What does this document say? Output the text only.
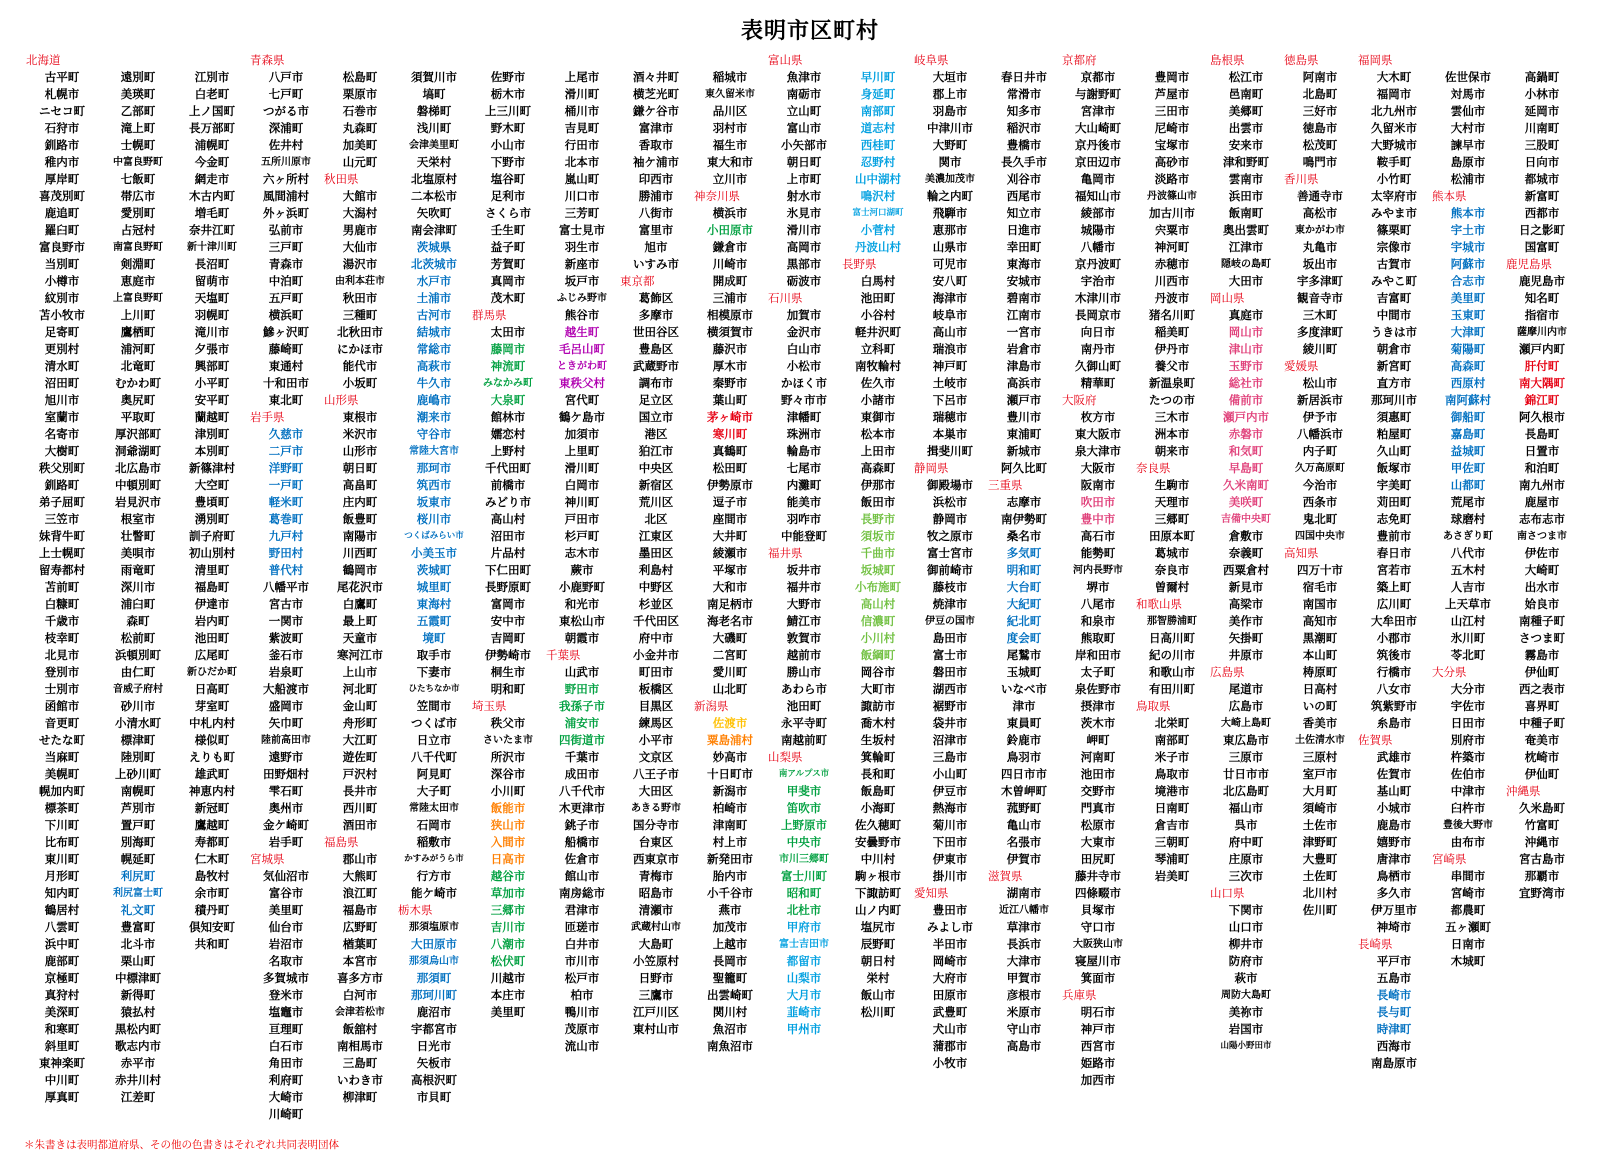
表明市区町村
北海道
古平町
札幌市
ニセコ町
石狩市
釧路市
稚内市
厚岸町
喜茂別町
鹿追町
羅臼町
富良野市
当別町
小樽市
紋別市
苫小牧市
足寄町
更別村
清水町
沼田町
旭川市
室蘭市
名寄市
大樹町
秩父別町
釧路町
弟子屈町
三笠市
妹背牛町
上士幌町
留寿都村
苫前町
白糠町
千歳市
枝幸町
北見市
登別市
士別市
函館市
音更町
せたな町
当麻町
美幌町
幌加内町
標茶町
下川町
比布町
東川町
月形町
知内町
鶴居村
八雲町
浜中町
鹿部町
京極町
真狩村
美深町
和寒町
斜里町
東神楽町
中川町
厚真町
遠別町
美瑛町
乙部町
滝上町
士幌町
中富良野町
七飯町
帯広市
愛別町
占冠村
南富良野町
剣淵町
恵庭市
上富良野町
上川町
鷹栖町
浦河町
北竜町
むかわ町
奥尻町
平取町
厚沢部町
洞爺湖町
北広島市
中頓別町
岩見沢市
根室市
壮瞥町
美唄市
雨竜町
深川市
浦臼町
森町
松前町
浜頓別町
由仁町
音威子府村
砂川市
小清水町
標津町
陸別町
上砂川町
南幌町
芦別市
置戸町
別海町
幌延町
利尻町
利尻富士町
礼文町
豊富町
北斗市
栗山町
中標津町
新得町
猿払村
黒松内町
歌志内市
赤平市
赤井川村
江差町
江別市
白老町
上ノ国町
長万部町
浦幌町
今金町
網走市
木古内町
増毛町
奈井江町
新十津川町
長沼町
留萌市
天塩町
羽幌町
滝川市
夕張市
興部町
小平町
安平町
蘭越町
津別町
本別町
新篠津村
大空町
豊頃町
湧別町
訓子府町
初山別村
清里町
福島町
伊達市
岩内町
池田町
広尾町
新ひだか町
日高町
芽室町
中札内村
様似町
えりも町
雄武町
神恵内村
新冠町
鷹越町
寿都町
仁木町
島牧村
余市町
積丹町
倶知安町
共和町
青森県
八戸市
七戸町
つがる市
深浦町
佐井村
五所川原市
六ヶ所村
風間浦村
外ヶ浜町
弘前市
三戸町
青森市
中泊町
五戸町
横浜町
鰺ヶ沢町
藤崎町
東通村
十和田市
東北町
岩手県
久慈市
二戸市
洋野町
一戸町
軽米町
葛巻町
九戸村
野田村
普代村
八幡平市
宮古市
一関市
紫波町
釜石市
岩泉町
大船渡市
盛岡市
矢巾町
陸前高田市
遠野市
田野畑村
雫石町
奥州市
金ケ崎町
岩手町
宮城県
気仙沼市
富谷市
美里町
仙台市
岩沼市
名取市
多賀城市
登米市
塩竈市
亘理町
白石市
角田市
利府町
大崎市
川崎町
松島町
栗原市
石巻市
丸森町
加美町
山元町
秋田県
大館市
大潟村
男鹿市
大仙市
湯沢市
由利本荘市
秋田市
三種町
北秋田市
にかほ市
能代市
小坂町
山形県
東根市
米沢市
山形市
朝日町
高畠町
庄内町
飯豊町
南陽市
川西町
鶴岡市
尾花沢市
白鷹町
最上町
天童市
寒河江市
上山市
河北町
金山町
舟形町
大江町
遊佐町
戸沢村
長井市
西川町
酒田市
福島県
郡山市
大熊町
浪江町
福島市
広野町
楢葉町
本宮市
喜多方市
白河市
会津若松市
飯舘村
南相馬市
三島町
いわき市
柳津町
須賀川市
塙町
磐梯町
浅川町
会津美里町
天栄村
北塩原村
二本松市
矢吹町
南会津町
茨城県
北茨城市
水戸市
土浦市
古河市
結城市
常総市
高萩市
牛久市
鹿嶋市
潮来市
守谷市
常陸大宮市
那珂市
筑西市
坂東市
桜川市
つくばみらい市
小美玉市
茨城町
城里町
東海村
五霞町
境町
取手市
下妻市
ひたちなか市
笠間市
つくば市
日立市
八千代町
阿見町
大子町
常陸太田市
石岡市
稲敷市
かすみがうら市
行方市
能ケ崎市
栃木県
那須塩原市
大田原市
那須烏山市
那須町
那珂川町
鹿沼市
宇都宮市
日光市
矢板市
高根沢町
市貝町
佐野市
栃木市
上三川町
野木町
小山市
下野市
塩谷町
足利市
さくら市
壬生町
益子町
芳賀町
真岡市
茂木町
群馬県
太田市
藤岡市
神流町
みなかみ町
大泉町
館林市
嬬恋村
上野村
千代田町
前橋市
みどり市
高山村
沼田市
片品村
下仁田町
長野原町
富岡市
安中市
吉岡町
伊勢崎市
桐生市
明和町
埼玉県
秩父市
さいたま市
所沢市
深谷市
小川町
飯能市
狭山市
入間市
日高市
越谷市
草加市
三郷市
吉川市
八潮市
松伏町
川越市
本庄市
美里町
上尾市
滑川町
桶川市
吉見町
行田市
北本市
嵐山町
川口市
三芳町
富士見市
羽生市
新座市
坂戸市
ふじみ野市
熊谷市
越生町
毛呂山町
ときがわ町
東秩父村
宮代町
鶴ケ島市
加須市
上里町
滑川町
白岡市
神川町
戸田市
杉戸町
志木市
蕨市
小鹿野町
和光市
東松山市
朝霞市
千葉県
山武市
野田市
我孫子市
浦安市
四街道市
千葉市
成田市
八千代市
木更津市
銚子市
船橋市
佐倉市
館山市
南房総市
君津市
匝瑳市
白井市
市川市
松戸市
柏市
鴨川市
茂原市
流山市
酒々井町
横芝光町
鎌ケ谷市
富津市
香取市
袖ケ浦市
印西市
勝浦市
八街市
富里市
旭市
いすみ市
東京都
葛飾区
多摩市
世田谷区
豊島区
武蔵野市
調布市
足立区
国立市
港区
狛江市
中央区
新宿区
荒川区
北区
江東区
墨田区
利島村
中野区
杉並区
千代田区
府中市
小金井市
町田市
板橋区
目黒区
練馬区
小平市
文京区
八王子市
大田区
あきる野市
国分寺市
台東区
西東京市
青梅市
昭島市
清瀬市
武蔵村山市
大島町
小笠原村
日野市
三鷹市
江戸川区
東村山市
稲城市
東久留米市
品川区
羽村市
福生市
東大和市
立川市
神奈川県
横浜市
小田原市
鎌倉市
川崎市
開成町
三浦市
相模原市
横須賀市
藤沢市
厚木市
秦野市
葉山町
茅ヶ崎市
寒川町
真鶴町
松田町
伊勢原市
逗子市
座間市
大井町
綾瀬市
平塚市
大和市
南足柄市
海老名市
大磯町
二宮町
愛川町
山北町
新潟県
佐渡市
粟島浦村
妙高市
十日町市
新潟市
柏崎市
津南町
村上市
新発田市
胎内市
小千谷市
燕市
加茂市
上越市
長岡市
聖籠町
出雲崎町
関川村
魚沼市
南魚沼市
富山県
魚津市
南砺市
立山町
富山市
小矢部市
朝日町
上市町
射水市
氷見市
滑川市
高岡市
黒部市
砺波市
石川県
加賀市
金沢市
白山市
小松市
かほく市
野々市市
津幡町
珠洲市
輪島市
七尾市
内灘町
能美市
羽咋市
中能登町
福井県
坂井市
福井市
大野市
鯖江市
敦賀市
越前市
勝山市
あわら市
池田町
永平寺町
南越前町
山梨県
南アルプス市
甲斐市
笛吹市
上野原市
中央市
市川三郷町
富士川町
昭和町
北杜市
甲府市
富士吉田市
都留市
山梨市
大月市
韮崎市
甲州市
早川町
身延町
南部町
道志村
西桂町
忍野村
山中湖村
鳴沢村
富士河口湖町
小菅村
丹波山村
長野県
白馬村
池田町
小谷村
軽井沢町
立科町
南牧輪村
佐久市
小諸市
東御市
松本市
上田市
高森町
伊那市
飯田市
長野市
須坂市
千曲市
坂城町
小布施町
高山村
信濃町
小川村
飯綱町
岡谷市
大町市
諏訪市
喬木村
生坂村
箕輪町
長和町
飯島町
小海町
佐久穂町
安曇野市
中川村
駒ヶ根市
下諏訪町
山ノ内町
塩尻市
辰野町
朝日村
栄村
飯山市
松川町
岐阜県
大垣市
郡上市
羽島市
中津川市
大野町
関市
美濃加茂市
輪之内町
飛騨市
恵那市
山県市
可児市
安八町
海津市
岐阜市
高山市
瑞浪市
神戸町
土岐市
下呂市
瑞穂市
本巣市
揖斐川町
静岡県
御殿場市
浜松市
静岡市
牧之原市
富士宮市
御前崎市
藤枝市
焼津市
伊豆の国市
島田市
富士市
磐田市
湖西市
裾野市
袋井市
沼津市
三島市
小山町
伊豆市
熱海市
菊川市
下田市
伊東市
掛川市
愛知県
豊田市
みよし市
半田市
岡崎市
大府市
田原市
武豊町
犬山市
蒲郡市
小牧市
春日井市
常滑市
知多市
稲沢市
豊橋市
長久手市
刈谷市
西尾市
知立市
日進市
幸田町
東海市
安城市
碧南市
江南市
一宮市
岩倉市
津島市
高浜市
瀬戸市
豊川市
東浦町
新城市
阿久比町
三重県
志摩市
南伊勢町
桑名市
多気町
明和町
大台町
大紀町
紀北町
度会町
尾鷲市
玉城町
いなべ市
津市
東員町
鈴鹿市
鳥羽市
四日市市
木曽岬町
菰野町
亀山市
名張市
伊賀市
滋賀県
湖南市
近江八幡市
草津市
長浜市
大津市
甲賀市
彦根市
米原市
守山市
高島市
京都府
京都市
与謝野町
宮津市
大山崎町
京丹後市
京田辺市
亀岡市
福知山市
綾部市
城陽市
八幡市
京丹波町
宇治市
木津川市
長岡京市
向日市
南丹市
久御山町
精華町
大阪府
枚方市
東大阪市
泉大津市
大阪市
阪南市
吹田市
豊中市
高石市
能勢町
河内長野市
堺市
八尾市
和泉市
熊取町
岸和田市
太子町
泉佐野市
摂津市
茨木市
岬町
河南町
池田市
交野市
門真市
松原市
大東市
田尻町
藤井寺市
四條畷市
貝塚市
守口市
大阪狭山市
寝屋川市
箕面市
兵庫県
明石市
神戸市
西宮市
姫路市
加西市
豊岡市
芦屋市
三田市
尼崎市
宝塚市
高砂市
淡路市
丹波篠山市
加古川市
宍粟市
神河町
赤穂市
川西市
丹波市
猪名川町
稲美町
伊丹市
養父市
新温泉町
たつの市
三木市
洲本市
朝来市
奈良県
生駒市
天理市
三郷町
田原本町
葛城市
奈良市
曽爾村
和歌山県
那智勝浦町
日高川町
紀の川市
和歌山市
有田川町
鳥取県
北栄町
南部町
米子市
鳥取市
境港市
日南町
倉吉市
三朝町
琴浦町
岩美町
島根県
松江市
邑南町
美郷町
出雲市
安来市
津和野町
雲南市
浜田市
飯南町
奥出雲町
江津市
隠岐の島町
大田市
岡山県
真庭市
岡山市
津山市
玉野市
総社市
備前市
瀬戸内市
赤磐市
和気町
早島町
久米南町
美咲町
吉備中央町
倉敷市
奈義町
西粟倉村
新見市
高梁市
美作市
矢掛町
井原市
広島県
尾道市
広島市
大崎上島町
東広島市
三原市
廿日市市
北広島町
福山市
呉市
府中町
庄原市
三次市
山口県
下関市
山口市
柳井市
防府市
萩市
周防大島町
美祢市
岩国市
山陽小野田市
徳島県
阿南市
北島町
三好市
徳島市
松茂町
鳴門市
香川県
善通寺市
高松市
東かがわ市
丸亀市
坂出市
宇多津町
観音寺市
三木町
多度津町
綾川町
愛媛県
松山市
新居浜市
伊予市
八幡浜市
内子町
久万高原町
今治市
西条市
鬼北町
四国中央市
高知県
四万十市
宿毛市
南国市
高知市
黒潮町
本山町
梼原町
日高村
いの町
香美市
土佐清水市
三原村
室戸市
大月町
須崎市
土佐市
津野町
大豊町
土佐町
北川村
佐川町
福岡県
大木町
福岡市
北九州市
久留米市
大野城市
鞍手町
小竹町
太宰府市
みやま市
篠栗町
宗像市
古賀市
みやこ町
吉富町
中間市
うきは市
朝倉市
新宮町
直方市
那珂川市
須惠町
粕屋町
久山町
飯塚市
宇美町
苅田町
志免町
豊前市
春日市
宮若市
築上町
広川町
大牟田市
小郡市
筑後市
行橋市
八女市
筑紫野市
糸島市
佐賀県
武雄市
佐賀市
基山町
小城市
鹿島市
嬉野市
唐津市
鳥栖市
多久市
伊万里市
神埼市
長崎県
平戸市
五島市
長崎市
長与町
時津町
西海市
南島原市
佐世保市
対馬市
雲仙市
大村市
諫早市
島原市
松浦市
熊本県
熊本市
宇土市
宇城市
阿蘇市
合志市
美里町
玉東町
大津町
菊陽町
高森町
西原村
南阿蘇村
御船町
嘉島町
益城町
甲佐町
山都町
荒尾市
球磨村
あさぎり町
八代市
五木村
人吉市
上天草市
山江村
氷川町
苓北町
大分県
大分市
宇佐市
日田市
別府市
杵築市
佐伯市
中津市
臼杵市
豊後大野市
由布市
宮崎県
串間市
宮崎市
都農町
五ヶ瀬町
日南市
木城町
高鍋町
小林市
延岡市
川南町
三股町
日向市
都城市
新富町
西都市
日之影町
国富町
鹿児島県
鹿児島市
知名町
指宿市
薩摩川内市
瀬戸内町
肝付町
南大隅町
錦江町
阿久根市
長島町
日置市
和泊町
南九州市
鹿屋市
志布志市
南さつま市
伊佐市
大崎町
出水市
姶良市
南種子町
さつま町
霧島市
伊仙町
西之表市
喜界町
中種子町
奄美市
枕崎市
伊仙町
沖縄県
久米島町
竹富町
沖縄市
宮古島市
那覇市
宜野湾市
＊朱書きは表明都道府県、その他の色書きはそれぞれ共同表明団体
